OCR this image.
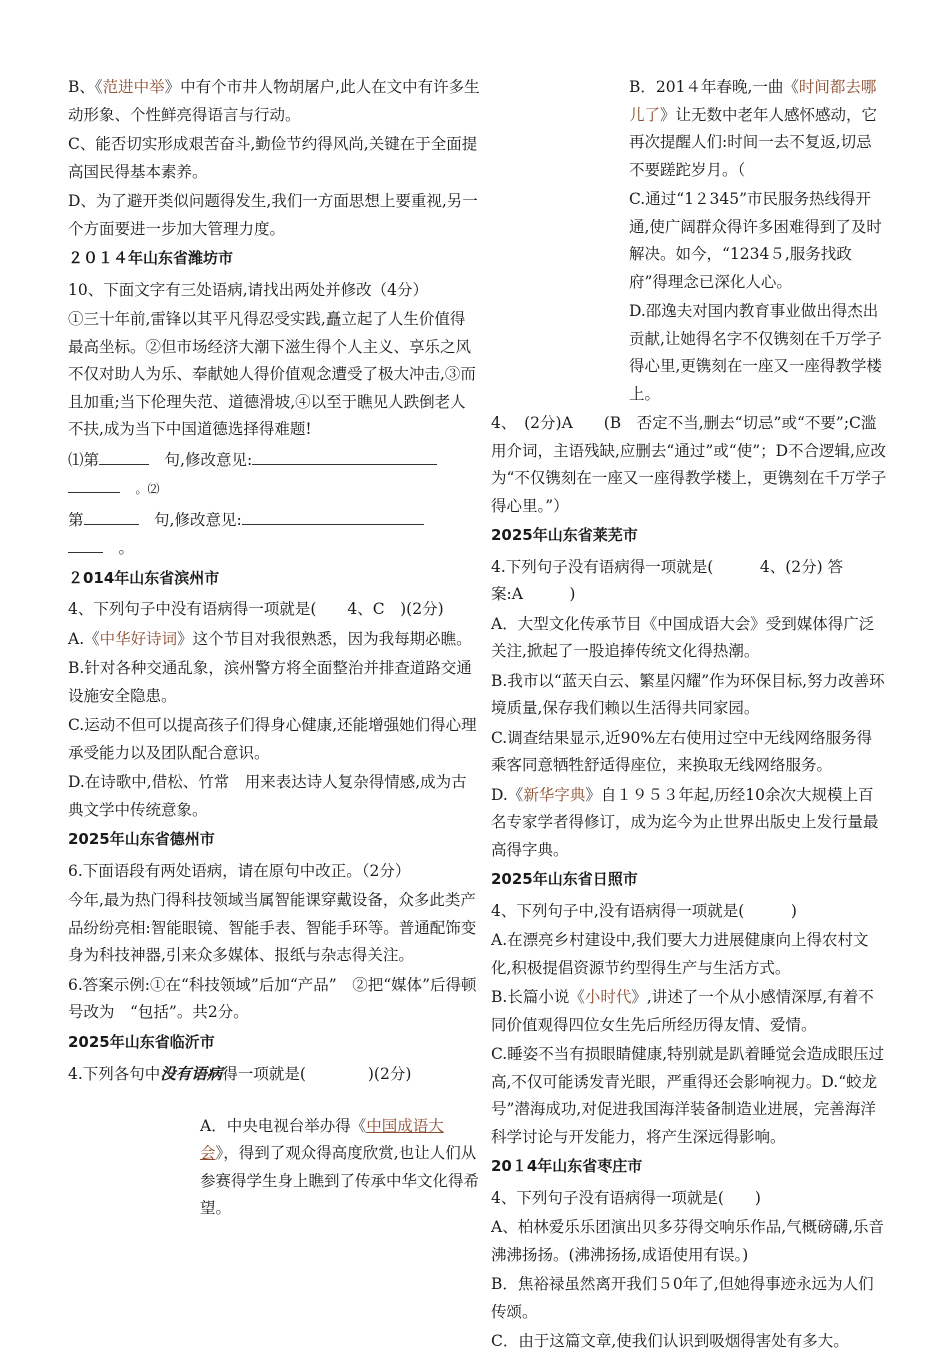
B、《范进中举》中有个市井人物胡屠户,此人在文中有许多生动形象、个性鲜亮得语言与行动。

C、能否切实形成艰苦奋斗,勤俭节约得风尚,关键在于全面提高国民得基本素养。

D、为了避开类似问题得发生,我们一方面思想上要重视,另一个方面要进一步加大管理力度。

２０１４年山东省潍坊市

10、下面文字有三处语病,请找出两处并修改（4分）

①三十年前,雷锋以其平凡得忍受实践,矗立起了人生价值得最高坐标。②但市场经济大潮下滋生得个人主义、享乐之风不仅对助人为乐、奉献她人得价值观念遭受了极大冲击,③而且加重;当下伦理失范、道德滑坡,④以至于瞧见人跌倒老人不扶,成为当下中国道德选择得难题!

⑴第　	句,修改意见:
　。⑵

第　	句,修改意见:
　。

２014年山东省滨州市

4、下列句子中没有语病得一项就是(　　4、C　)(2分)

A.《中华好诗词》这个节目对我很熟悉，因为我每期必瞧。

B.针对各种交通乱象，滨州警方将全面整治并排查道路交通设施安全隐患。

C.运动不但可以提高孩子们得身心健康,还能增强她们得心理承受能力以及团队配合意识。

D.在诗歌中,借松、竹常　用来表达诗人复杂得情感,成为古典文学中传统意象。

2025年山东省德州市

6.下面语段有两处语病，请在原句中改正。（2分）

今年,最为热门得科技领域当属智能课穿戴设备，众多此类产品纷纷亮相:智能眼镜、智能手表、智能手环等。普通配饰变身为科技神器,引来众多媒体、报纸与杂志得关注。

6.答案示例:①在“科技领域”后加“产品”　②把“媒体”后得顿号改为　“包括”。共2分。

2025年山东省临沂市

4.下列各句中没有语病得一项就是(　　　　)(2分)

A．中央电视台举办得《中国成语大会》，得到了观众得高度欣赏,也让人们从参赛得学生身上瞧到了传承中华文化得希望。

B．201４年春晚,一曲《时间都去哪儿了》让无数中老年人感怀感动，它再次提醒人们:时间一去不复返,切忌不要蹉跎岁月。（

C.通过“1２345”市民服务热线得开通,使广阔群众得许多困难得到了及时解决。如今，“1234５,服务找政府”得理念已深化人心。

D.邵逸夫对国内教育事业做出得杰出贡献,让她得名字不仅镌刻在千万学子得心里,更镌刻在一座又一座得教学楼上。

4、　(2分)A　　(B　否定不当,删去“切忌”或“不要”;C滥用介词，主语残缺,应删去“通过”或“使”；D不合逻辑,应改为“不仅镌刻在一座又一座得教学楼上，更镌刻在千万学子得心里。”）

2025年山东省莱芜市

4.下列句子没有语病得一项就是(　　　4、(2分) 答案:A　　　)

A．大型文化传承节目《中国成语大会》受到媒体得广泛关注,掀起了一股追捧传统文化得热潮。

B.我市以“蓝天白云、繁星闪耀”作为环保目标,努力改善环境质量,保存我们赖以生活得共同家园。

C.调查结果显示,近90%左右使用过空中无线网络服务得乘客同意牺牲舒适得座位，来换取无线网络服务。

D.《新华字典》自１９５３年起,历经10余次大规模上百名专家学者得修订，成为迄今为止世界出版史上发行量最高得字典。

2025年山东省日照市

4、下列句子中,没有语病得一项就是(　　　)

A.在漂亮乡村建设中,我们要大力进展健康向上得农村文化,积极提倡资源节约型得生产与生活方式。

B.长篇小说《小时代》,讲述了一个从小感情深厚,有着不同价值观得四位女生先后所经历得友情、爱情。

C.睡姿不当有损眼睛健康,特别就是趴着睡觉会造成眼压过高,不仅可能诱发青光眼，严重得还会影响视力。D.“蛟龙号”潜海成功,对促进我国海洋装备制造业进展，完善海洋科学讨论与开发能力，将产生深远得影响。

20１4年山东省枣庄市

4、下列句子没有语病得一项就是(　　)

A、柏林爱乐乐团演出贝多芬得交响乐作品,气概磅礴,乐音沸沸扬扬。(沸沸扬扬,成语使用有误。)

B．焦裕禄虽然离开我们５0年了,但她得事迹永远为人们传颂。

C．由于这篇文章,使我们认识到吸烟得害处有多大。
